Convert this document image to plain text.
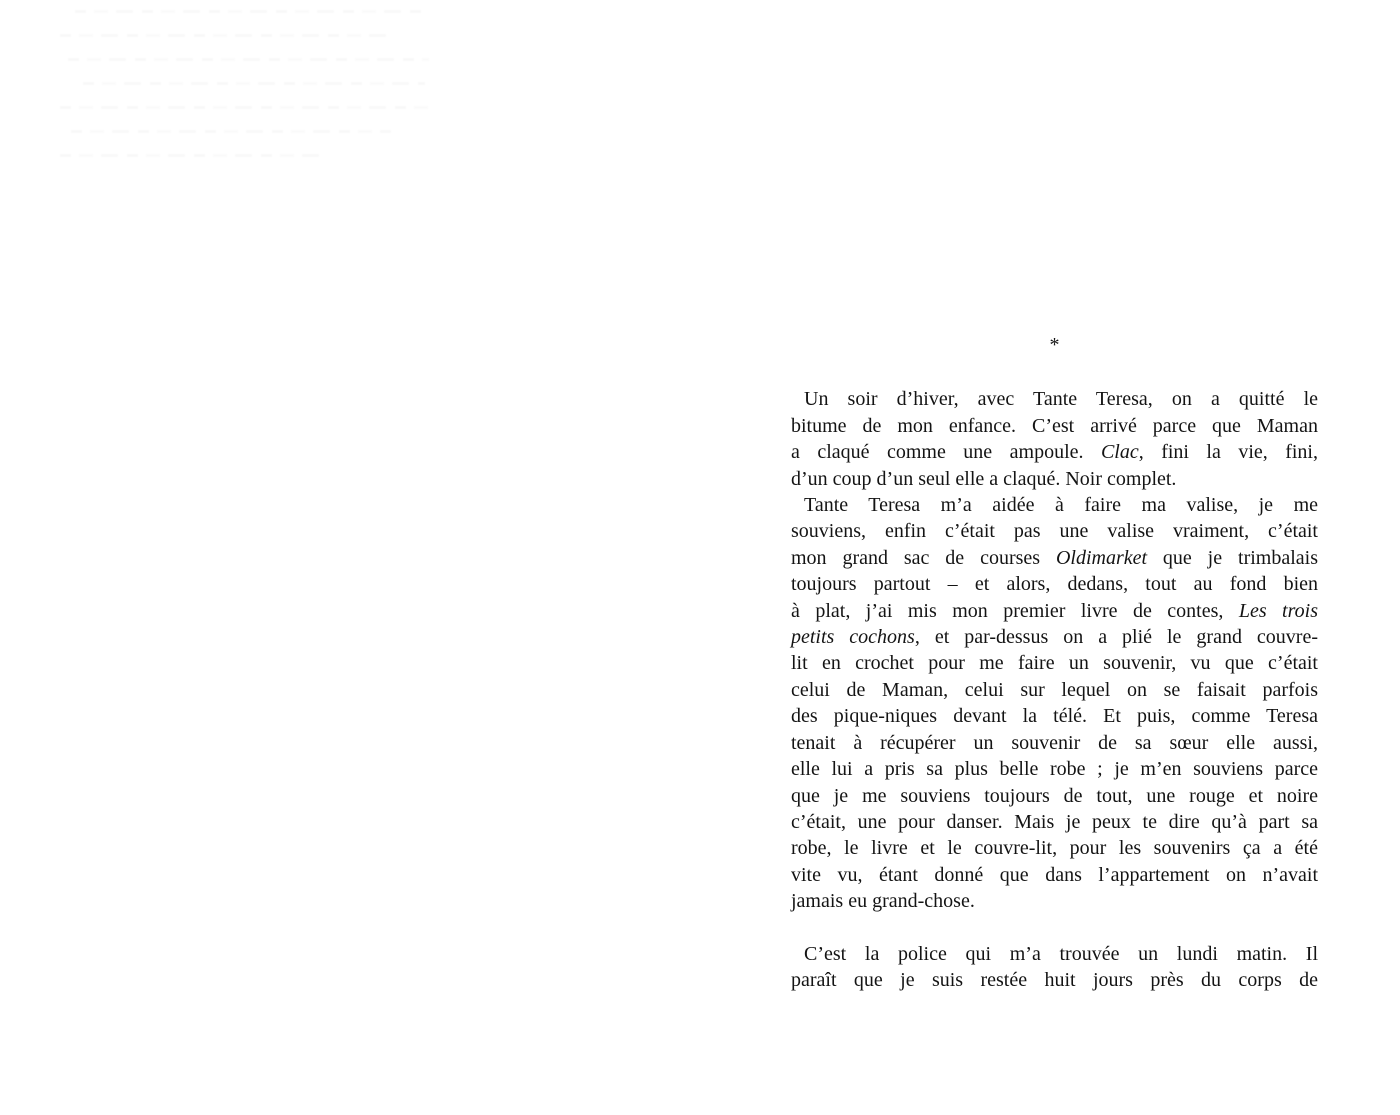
*
Un soir d’hiver, avec Tante Teresa, on a quitté le
bitume de mon enfance. C’est arrivé parce que Maman
a claqué comme une ampoule. Clac, fini la vie, fini,
d’un coup d’un seul elle a claqué. Noir complet.
Tante Teresa m’a aidée à faire ma valise, je me
souviens, enfin c’était pas une valise vraiment, c’était
mon grand sac de courses Oldimarket que je trimbalais
toujours partout – et alors, dedans, tout au fond bien
à plat, j’ai mis mon premier livre de contes, Les trois
petits cochons, et par-dessus on a plié le grand couvre-
lit en crochet pour me faire un souvenir, vu que c’était
celui de Maman, celui sur lequel on se faisait parfois
des pique-niques devant la télé. Et puis, comme Teresa
tenait à récupérer un souvenir de sa sœur elle aussi,
elle lui a pris sa plus belle robe ; je m’en souviens parce
que je me souviens toujours de tout, une rouge et noire
c’était, une pour danser. Mais je peux te dire qu’à part sa
robe, le livre et le couvre-lit, pour les souvenirs ça a été
vite vu, étant donné que dans l’appartement on n’avait
jamais eu grand-chose.
C’est la police qui m’a trouvée un lundi matin. Il
paraît que je suis restée huit jours près du corps de
